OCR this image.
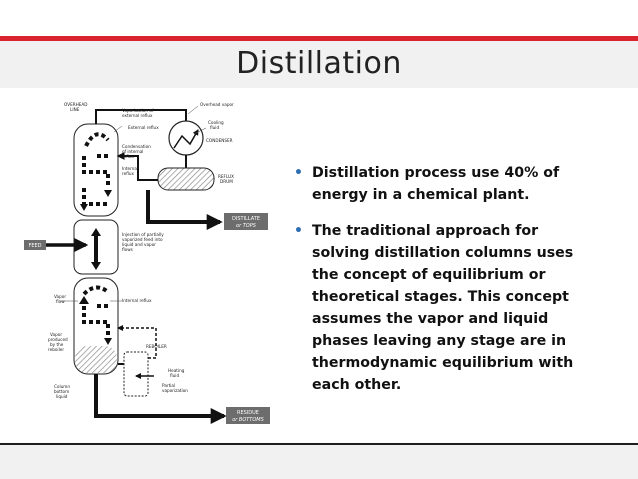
Distillation
DISTILLATE
or TOPS
FEED
RESIDUE
or BOTTOMS
OVERHEAD
LINE	Vaporization of
external reflux
External reflux
Overhead vapor
Cooling
fluid
CONDENSER
Condensation
of internal
reflux
Internal
reflux
REFLUX
DRUM
Injection of partially
vaporized feed into
liquid and vapor
flows
Vapor
flow	Internal reflux
Vapor
produced
by the
reboiler
REBOILER
Heating
fluid
Partial
vaporization
Column
bottom
liquid
• Distillation process use 40% of energy in a chemical plant.
• The traditional approach for solving distillation columns uses the concept of equilibrium or theoretical stages. This concept assumes the vapor and liquid phases leaving any stage are in thermodynamic equilibrium with each other.
